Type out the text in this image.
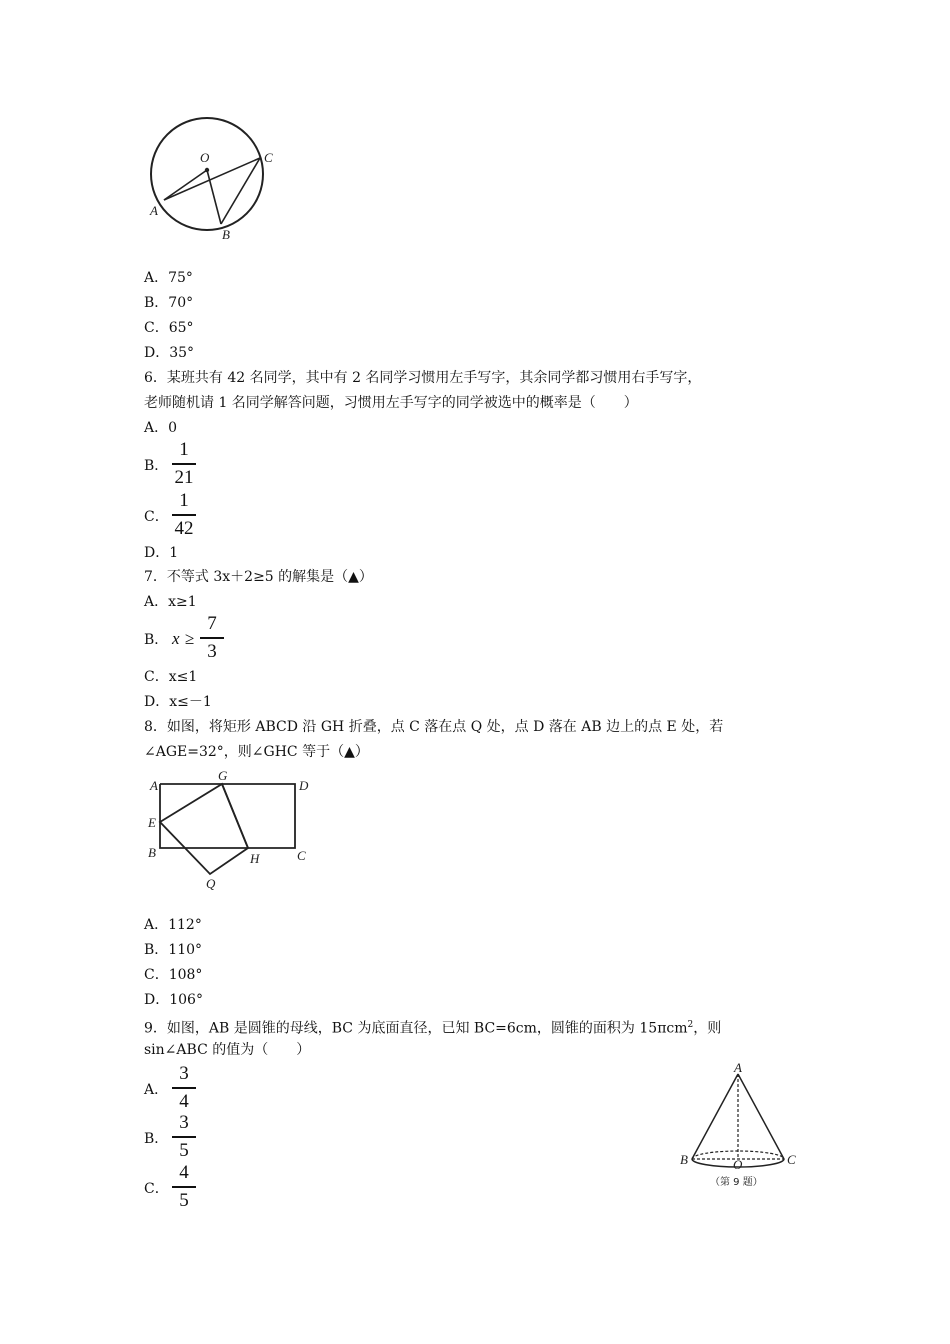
O	C
A
B
A．75°
B．70°
C．65°
D．35°
6．某班共有 42 名同学，其中有 2 名同学习惯用左手写字，其余同学都习惯用右手写字，
老师随机请 1 名同学解答问题，习惯用左手写字的同学被选中的概率是（　　）
A．0
B．
1
21
C．
1
42
D．1
7．不等式 3x＋2≥5 的解集是（▲）
A．x≥1
B． x ≥
7
3
C．x≤1
D．x≤－1
8．如图，将矩形 ABCD 沿 GH 折叠，点 C 落在点 Q 处，点 D 落在 AB 边上的点 E 处，若
∠AGE=32°，则∠GHC 等于（▲）
A
G
D
E
B	H	C
Q
A．112°
B．110°
C．108°
D．106°
9．如图，AB 是圆锥的母线，BC 为底面直径，已知 BC=6cm，圆锥的面积为 15πcm$^2$，则
sin∠ABC 的值为（　　）
A．
3
4
B．
3
5
C．
4
5
A
B	O	C
（第 9 题）
